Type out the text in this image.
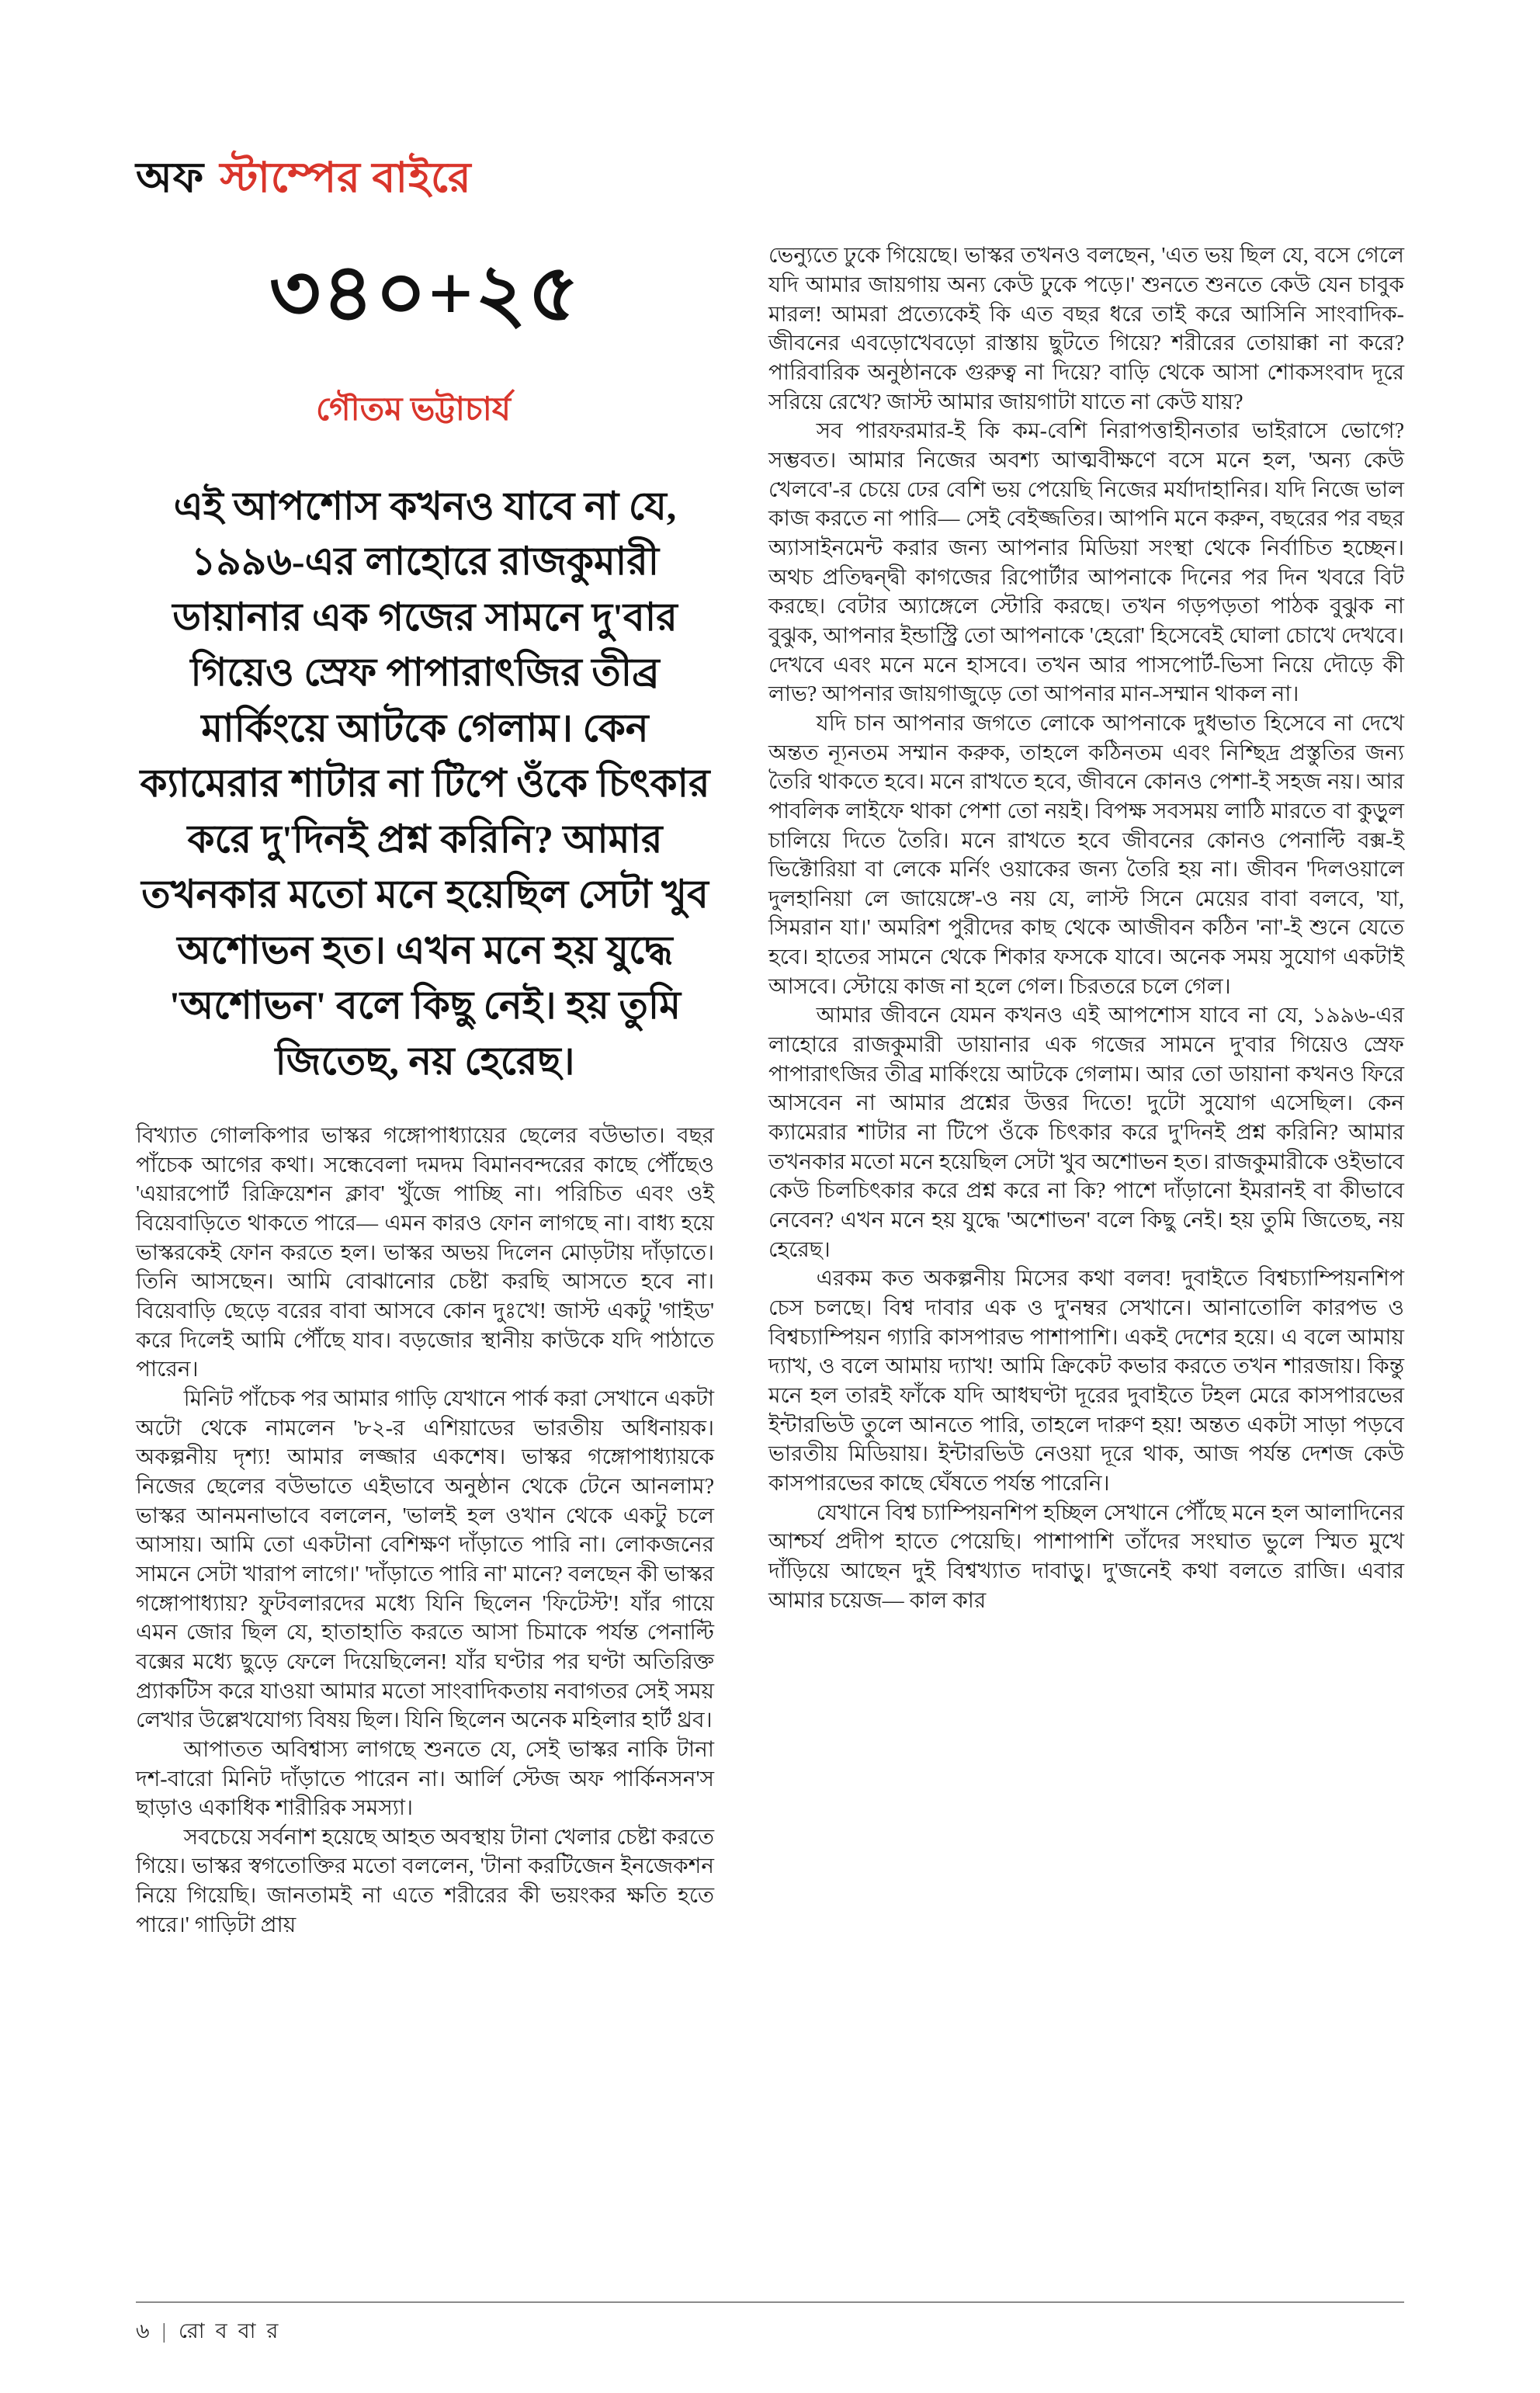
অফ স্টাম্পের বাইরে
৩৪০+২৫
গৌতম ভট্টাচার্য
এই আপশোস কখনও যাবে না যে, ১৯৯৬-এর লাহোরে রাজকুমারী ডায়ানার এক গজের সামনে দু'বার গিয়েও স্রেফ পাপারাৎজির তীব্র মার্কিংয়ে আটকে গেলাম। কেন ক্যামেরার শাটার না টিপে ওঁকে চিৎকার করে দু'দিনই প্রশ্ন করিনি? আমার তখনকার মতো মনে হয়েছিল সেটা খুব অশোভন হত। এখন মনে হয় যুদ্ধে 'অশোভন' বলে কিছু নেই। হয় তুমি জিতেছ, নয় হেরেছ।

বিখ্যাত গোলকিপার ভাস্কর গঙ্গোপাধ্যায়ের ছেলের বউভাত। বছর পাঁচেক আগের কথা। সন্ধেবেলা দমদম বিমানবন্দরের কাছে পৌঁছেও 'এয়ারপোর্ট রিক্রিয়েশন ক্লাব' খুঁজে পাচ্ছি না। পরিচিত এবং ওই বিয়েবাড়িতে থাকতে পারে— এমন কারও ফোন লাগছে না। বাধ্য হয়ে ভাস্করকেই ফোন করতে হল। ভাস্কর অভয় দিলেন মোড়টায় দাঁড়াতে। তিনি আসছেন। আমি বোঝানোর চেষ্টা করছি আসতে হবে না। বিয়েবাড়ি ছেড়ে বরের বাবা আসবে কোন দুঃখে! জাস্ট একটু 'গাইড' করে দিলেই আমি পৌঁছে যাব। বড়জোর স্থানীয় কাউকে যদি পাঠাতে পারেন।

মিনিট পাঁচেক পর আমার গাড়ি যেখানে পার্ক করা সেখানে একটা অটো থেকে নামলেন '৮২-র এশিয়াডের ভারতীয় অধিনায়ক। অকল্পনীয় দৃশ্য! আমার লজ্জার একশেষ। ভাস্কর গঙ্গোপাধ্যায়কে নিজের ছেলের বউভাতে এইভাবে অনুষ্ঠান থেকে টেনে আনলাম? ভাস্কর আনমনাভাবে বললেন, 'ভালই হল ওখান থেকে একটু চলে আসায়। আমি তো একটানা বেশিক্ষণ দাঁড়াতে পারি না। লোকজনের সামনে সেটা খারাপ লাগে।' 'দাঁড়াতে পারি না' মানে? বলছেন কী ভাস্কর গঙ্গোপাধ্যায়? ফুটবলারদের মধ্যে যিনি ছিলেন 'ফিটেস্ট'! যাঁর গায়ে এমন জোর ছিল যে, হাতাহাতি করতে আসা চিমাকে পর্যন্ত পেনাল্টি বক্সের মধ্যে ছুড়ে ফেলে দিয়েছিলেন! যাঁর ঘণ্টার পর ঘণ্টা অতিরিক্ত প্র্যাকটিস করে যাওয়া আমার মতো সাংবাদিকতায় নবাগতর সেই সময় লেখার উল্লেখযোগ্য বিষয় ছিল। যিনি ছিলেন অনেক মহিলার হার্ট থ্রব।

আপাতত অবিশ্বাস্য লাগছে শুনতে যে, সেই ভাস্কর নাকি টানা দশ-বারো মিনিট দাঁড়াতে পারেন না। আর্লি স্টেজ অফ পার্কিনসন'স ছাড়াও একাধিক শারীরিক সমস্যা।

সবচেয়ে সর্বনাশ হয়েছে আহত অবস্থায় টানা খেলার চেষ্টা করতে গিয়ে। ভাস্কর স্বগতোক্তির মতো বললেন, 'টানা করটিজেন ইনজেকশন নিয়ে গিয়েছি। জানতামই না এতে শরীরের কী ভয়ংকর ক্ষতি হতে পারে।' গাড়িটা প্রায়

ভেন্যুতে ঢুকে গিয়েছে। ভাস্কর তখনও বলছেন, 'এত ভয় ছিল যে, বসে গেলে যদি আমার জায়গায় অন্য কেউ ঢুকে পড়ে।' শুনতে শুনতে কেউ যেন চাবুক মারল! আমরা প্রত্যেকেই কি এত বছর ধরে তাই করে আসিনি সাংবাদিক-জীবনের এবড়োখেবড়ো রাস্তায় ছুটতে গিয়ে? শরীরের তোয়াক্কা না করে? পারিবারিক অনুষ্ঠানকে গুরুত্ব না দিয়ে? বাড়ি থেকে আসা শোকসংবাদ দূরে সরিয়ে রেখে? জাস্ট আমার জায়গাটা যাতে না কেউ যায়?

সব পারফরমার-ই কি কম-বেশি নিরাপত্তাহীনতার ভাইরাসে ভোগে? সম্ভবত। আমার নিজের অবশ্য আত্মবীক্ষণে বসে মনে হল, 'অন্য কেউ খেলবে'-র চেয়ে ঢের বেশি ভয় পেয়েছি নিজের মর্যাদাহানির। যদি নিজে ভাল কাজ করতে না পারি— সেই বেইজ্জতির। আপনি মনে করুন, বছরের পর বছর অ্যাসাইনমেন্ট করার জন্য আপনার মিডিয়া সংস্থা থেকে নির্বাচিত হচ্ছেন। অথচ প্রতিদ্বন্দ্বী কাগজের রিপোর্টার আপনাকে দিনের পর দিন খবরে বিট করছে। বেটার অ্যাঙ্গেলে স্টোরি করছে। তখন গড়পড়তা পাঠক বুঝুক না বুঝুক, আপনার ইন্ডাস্ট্রি তো আপনাকে 'হেরো' হিসেবেই ঘোলা চোখে দেখবে। দেখবে এবং মনে মনে হাসবে। তখন আর পাসপোর্ট-ভিসা নিয়ে দৌড়ে কী লাভ? আপনার জায়গাজুড়ে তো আপনার মান-সম্মান থাকল না।

যদি চান আপনার জগতে লোকে আপনাকে দুধভাত হিসেবে না দেখে অন্তত ন্যূনতম সম্মান করুক, তাহলে কঠিনতম এবং নিশ্ছিদ্র প্রস্তুতির জন্য তৈরি থাকতে হবে। মনে রাখতে হবে, জীবনে কোনও পেশা-ই সহজ নয়। আর পাবলিক লাইফে থাকা পেশা তো নয়ই। বিপক্ষ সবসময় লাঠি মারতে বা কুড়ুল চালিয়ে দিতে তৈরি। মনে রাখতে হবে জীবনের কোনও পেনাল্টি বক্স-ই ভিক্টোরিয়া বা লেকে মর্নিং ওয়াকের জন্য তৈরি হয় না। জীবন 'দিলওয়ালে দুলহানিয়া লে জায়েঙ্গে'-ও নয় যে, লাস্ট সিনে মেয়ের বাবা বলবে, 'যা, সিমরান যা।' অমরিশ পুরীদের কাছ থেকে আজীবন কঠিন 'না'-ই শুনে যেতে হবে। হাতের সামনে থেকে শিকার ফসকে যাবে। অনেক সময় সুযোগ একটাই আসবে। স্টোয়ে কাজ না হলে গেল। চিরতরে চলে গেল।

আমার জীবনে যেমন কখনও এই আপশোস যাবে না যে, ১৯৯৬-এর লাহোরে রাজকুমারী ডায়ানার এক গজের সামনে দু'বার গিয়েও স্রেফ পাপারাৎজির তীব্র মার্কিংয়ে আটকে গেলাম। আর তো ডায়ানা কখনও ফিরে আসবেন না আমার প্রশ্নের উত্তর দিতে! দুটো সুযোগ এসেছিল। কেন ক্যামেরার শাটার না টিপে ওঁকে চিৎকার করে দু'দিনই প্রশ্ন করিনি? আমার তখনকার মতো মনে হয়েছিল সেটা খুব অশোভন হত। রাজকুমারীকে ওইভাবে কেউ চিলচিৎকার করে প্রশ্ন করে না কি? পাশে দাঁড়ানো ইমরানই বা কীভাবে নেবেন? এখন মনে হয় যুদ্ধে 'অশোভন' বলে কিছু নেই। হয় তুমি জিতেছ, নয় হেরেছ।

এরকম কত অকল্পনীয় মিসের কথা বলব! দুবাইতে বিশ্বচ্যাম্পিয়নশিপ চেস চলছে। বিশ্ব দাবার এক ও দু'নম্বর সেখানে। আনাতোলি কারপভ ও বিশ্বচ্যাম্পিয়ন গ্যারি কাসপারভ পাশাপাশি। একই দেশের হয়ে। এ বলে আমায় দ্যাখ, ও বলে আমায় দ্যাখ! আমি ক্রিকেট কভার করতে তখন শারজায়। কিন্তু মনে হল তারই ফাঁকে যদি আধঘণ্টা দূরের দুবাইতে টহল মেরে কাসপারভের ইন্টারভিউ তুলে আনতে পারি, তাহলে দারুণ হয়! অন্তত একটা সাড়া পড়বে ভারতীয় মিডিয়ায়। ইন্টারভিউ নেওয়া দূরে থাক, আজ পর্যন্ত দেশজ কেউ কাসপারভের কাছে ঘেঁষতে পর্যন্ত পারেনি।

যেখানে বিশ্ব চ্যাম্পিয়নশিপ হচ্ছিল সেখানে পৌঁছে মনে হল আলাদিনের আশ্চর্য প্রদীপ হাতে পেয়েছি। পাশাপাশি তাঁদের সংঘাত ভুলে স্মিত মুখে দাঁড়িয়ে আছেন দুই বিশ্বখ্যাত দাবাড়ু। দু'জনেই কথা বলতে রাজি। এবার আমার চয়েজ— কাল কার

৬ | রোববার
